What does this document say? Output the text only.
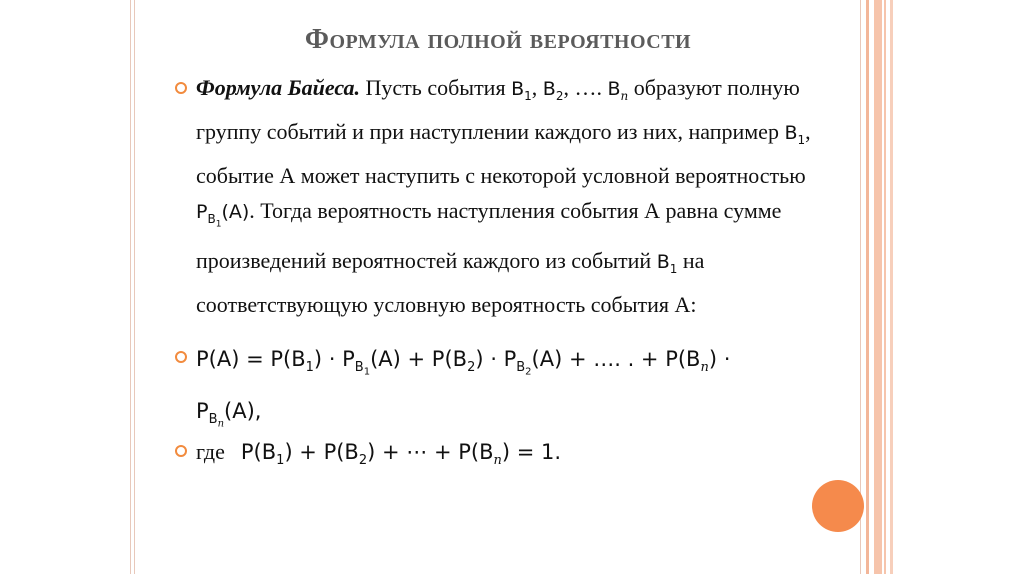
Формула полной вероятности
Формула Байеса. Пусть события $B_1$, $B_2$, …. $B_n$ образуют полную группу событий и при наступлении каждого из них, например $B_1$, событие А может наступить с некоторой условной вероятностью $P_{B_1}(A)$. Тогда вероятность наступления события А равна сумме произведений вероятностей каждого из событий $B_1$ на соответствующую условную вероятность события А:
$P(A) = P(B_1) \cdot P_{B_1}(A) + P(B_2) \cdot P_{B_2}(A)$ + …. . + $P(B_n)$ ⋅
$P_{B_n}(A)$,
где $P(B_1) + P(B_2)$ + ⋯ + $P(B_n) = 1$.
